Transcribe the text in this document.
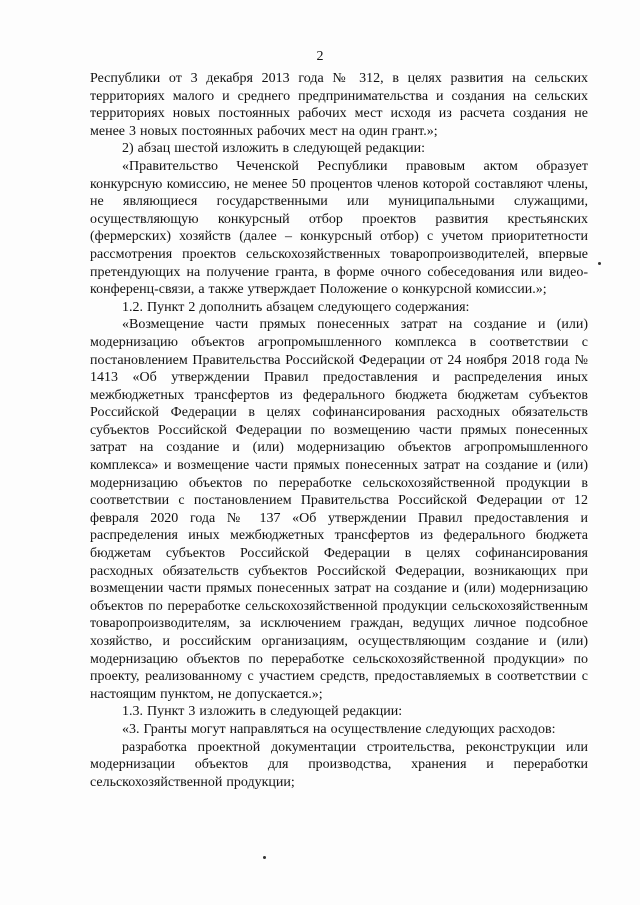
2

Республики от 3 декабря 2013 года № 312, в целях развития на сельских территориях малого и среднего предпринимательства и создания на сельских территориях новых постоянных рабочих мест исходя из расчета создания не менее 3 новых постоянных рабочих мест на один грант.»;

2) абзац шестой изложить в следующей редакции:

«Правительство Чеченской Республики правовым актом образует конкурсную комиссию, не менее 50 процентов членов которой составляют члены, не являющиеся государственными или муниципальными служащими, осуществляющую конкурсный отбор проектов развития крестьянских (фермерских) хозяйств (далее – конкурсный отбор) с учетом приоритетности рассмотрения проектов сельскохозяйственных товаропроизводителей, впервые претендующих на получение гранта, в форме очного собеседования или видео-конференц-связи, а также утверждает Положение о конкурсной комиссии.»;

1.2. Пункт 2 дополнить абзацем следующего содержания:

«Возмещение части прямых понесенных затрат на создание и (или) модернизацию объектов агропромышленного комплекса в соответствии с постановлением Правительства Российской Федерации от 24 ноября 2018 года № 1413 «Об утверждении Правил предоставления и распределения иных межбюджетных трансфертов из федерального бюджета бюджетам субъектов Российской Федерации в целях софинансирования расходных обязательств субъектов Российской Федерации по возмещению части прямых понесенных затрат на создание и (или) модернизацию объектов агропромышленного комплекса» и возмещение части прямых понесенных затрат на создание и (или) модернизацию объектов по переработке сельскохозяйственной продукции в соответствии с постановлением Правительства Российской Федерации от 12 февраля 2020 года № 137 «Об утверждении Правил предоставления и распределения иных межбюджетных трансфертов из федерального бюджета бюджетам субъектов Российской Федерации в целях софинансирования расходных обязательств субъектов Российской Федерации, возникающих при возмещении части прямых понесенных затрат на создание и (или) модернизацию объектов по переработке сельскохозяйственной продукции сельскохозяйственным товаропроизводителям, за исключением граждан, ведущих личное подсобное хозяйство, и российским организациям, осуществляющим создание и (или) модернизацию объектов по переработке сельскохозяйственной продукции» по проекту, реализованному с участием средств, предоставляемых в соответствии с настоящим пунктом, не допускается.»;

1.3. Пункт 3 изложить в следующей редакции:

«3. Гранты могут направляться на осуществление следующих расходов:

разработка проектной документации строительства, реконструкции или модернизации объектов для производства, хранения и переработки сельскохозяйственной продукции;
